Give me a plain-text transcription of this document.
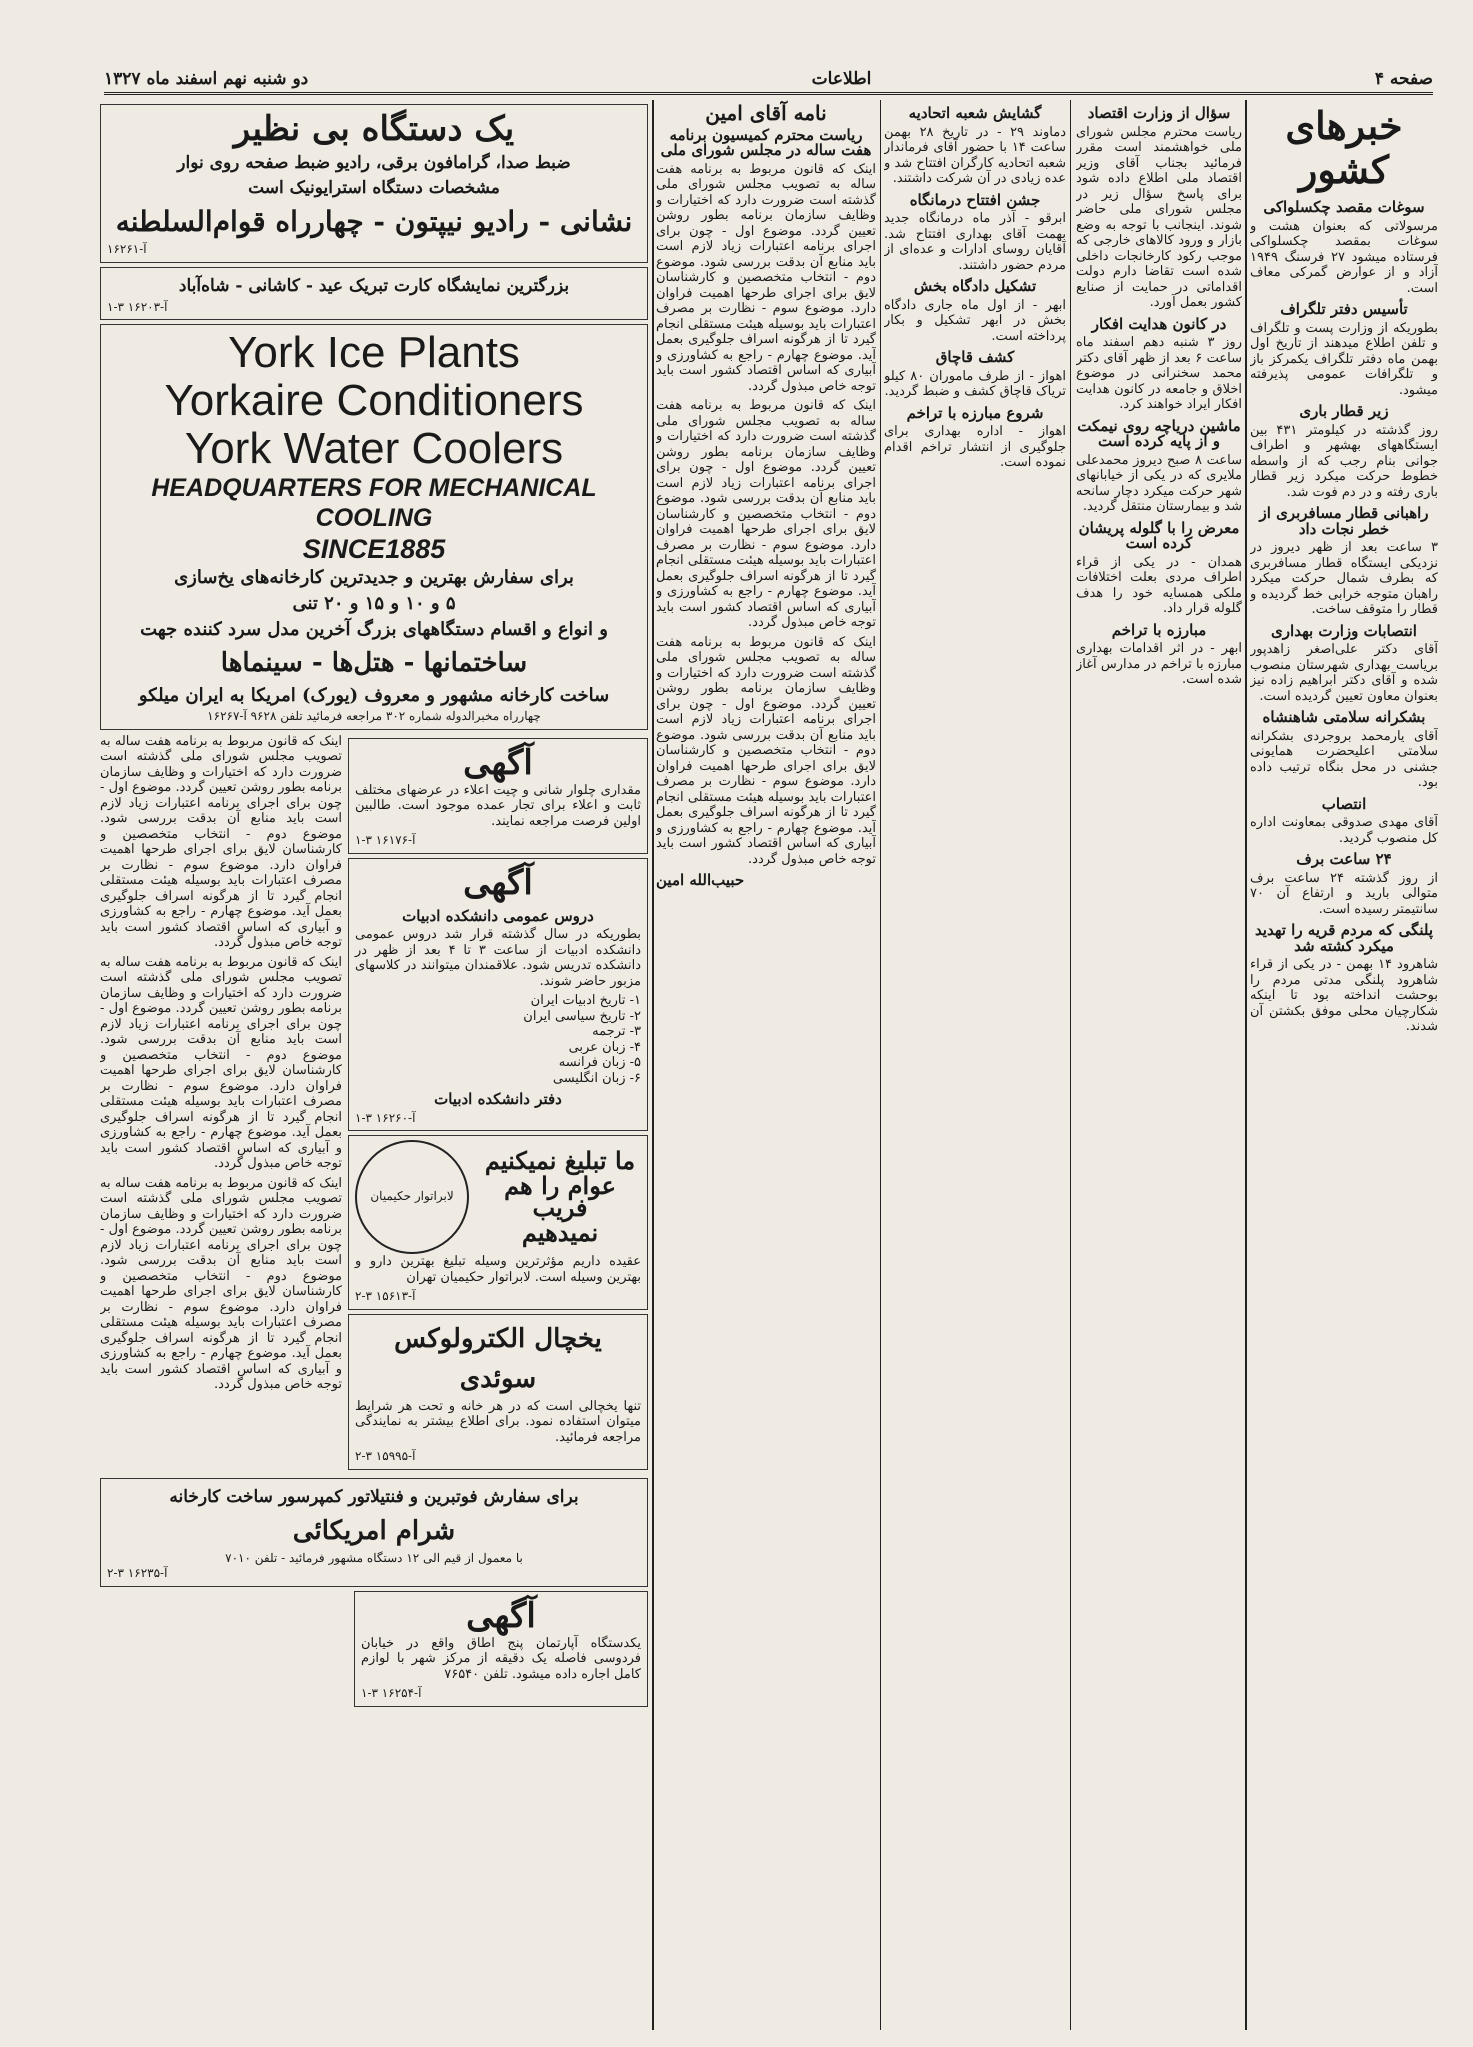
صفحه ۴
اطلاعات
دو شنبه نهم اسفند ماه ۱۳۲۷
خبرهای کشور
سوغات مقصد چکسلواکی

مرسولاتی که بعنوان هشت و سوغات بمقصد چکسلواکی فرستاده میشود ۲۷ فرسنگ ۱۹۴۹ آزاد و از عوارض گمرکی معاف است.

تأسیس دفتر تلگراف

بطوریکه از وزارت پست و تلگراف و تلفن اطلاع میدهند از تاریخ اول بهمن ماه دفتر تلگراف یکمرکز باز و تلگرافات عمومی پذیرفته میشود.

زیر قطار باری

روز گذشته در کیلومتر ۴۳۱ بین ایستگاههای بهشهر و اطراف جوانی بنام رجب که از واسطه خطوط حرکت میکرد زیر قطار باری رفته و در دم فوت شد.

راهبانی قطار مسافربری از خطر نجات داد

۳ ساعت بعد از ظهر دیروز در نزدیکی ایستگاه قطار مسافربری که بطرف شمال حرکت میکرد راهبان متوجه خرابی خط گردیده و قطار را متوقف ساخت.

انتصابات وزارت بهداری

آقای دکتر علی‌اصغر زاهدپور بریاست بهداری شهرستان منصوب شده و آقای دکتر ابراهیم زاده نیز بعنوان معاون تعیین گردیده است.

بشکرانه سلامتی شاهنشاه

آقای یارمحمد بروجردی بشکرانه سلامتی اعلیحضرت همایونی جشنی در محل بنگاه ترتیب داده بود.

انتصاب

آقای مهدی صدوقی بمعاونت اداره کل منصوب گردید.

۲۴ ساعت برف

از روز گذشته ۲۴ ساعت برف متوالی بارید و ارتفاع آن ۷۰ سانتیمتر رسیده است.

پلنگی که مردم قریه را تهدید میکرد کشته شد

شاهرود ۱۴ بهمن - در یکی از قراء شاهرود پلنگی مدتی مردم را بوحشت انداخته بود تا اینکه شکارچیان محلی موفق بکشتن آن شدند.

سؤال از وزارت اقتصاد

ریاست محترم مجلس شورای ملی خواهشمند است مقرر فرمائید بجناب آقای وزیر اقتصاد ملی اطلاع داده شود برای پاسخ سؤال زیر در مجلس شورای ملی حاضر شوند. اینجانب با توجه به وضع بازار و ورود کالاهای خارجی که موجب رکود کارخانجات داخلی شده است تقاضا دارم دولت اقداماتی در حمایت از صنایع کشور بعمل آورد.

در کانون هدایت افکار

روز ۳ شنبه دهم اسفند ماه ساعت ۶ بعد از ظهر آقای دکتر محمد سخنرانی در موضوع اخلاق و جامعه در کانون هدایت افکار ایراد خواهند کرد.

ماشین دریاچه روی نیمکت و از پایه کرده است

ساعت ۸ صبح دیروز محمدعلی ملایری که در یکی از خیابانهای شهر حرکت میکرد دچار سانحه شد و بیمارستان منتقل گردید.

معرض را با گلوله پریشان کرده است

همدان - در یکی از قراء اطراف مردی بعلت اختلافات ملکی همسایه خود را هدف گلوله قرار داد.

مبارزه با تراخم

ابهر - در اثر اقدامات بهداری مبارزه با تراخم در مدارس آغاز شده است.

گشایش شعبه اتحادیه

دماوند ۲۹ - در تاریخ ۲۸ بهمن ساعت ۱۴ با حضور آقای فرماندار شعبه اتحادیه کارگران افتتاح شد و عده زیادی در آن شرکت داشتند.

جشن افتتاح درمانگاه

ابرقو - آذر ماه درمانگاه جدید بهمت آقای بهداری افتتاح شد. آقایان روسای ادارات و عده‌ای از مردم حضور داشتند.

تشکیل دادگاه بخش

ابهر - از اول ماه جاری دادگاه بخش در ابهر تشکیل و بکار پرداخته است.

کشف قاچاق

اهواز - از طرف ماموران ۸۰ کیلو تریاک قاچاق کشف و ضبط گردید.

شروع مبارزه با تراخم

اهواز - اداره بهداری برای جلوگیری از انتشار تراخم اقدام نموده است.

نامه آقای امین
ریاست محترم کمیسیون برنامه هفت ساله در مجلس شورای ملی

اینک که قانون مربوط به برنامه هفت ساله به تصویب مجلس شورای ملی گذشته است ضرورت دارد که اختیارات و وظایف سازمان برنامه بطور روشن تعیین گردد. موضوع اول - چون برای اجرای برنامه اعتبارات زیاد لازم است باید منابع آن بدقت بررسی شود. موضوع دوم - انتخاب متخصصین و کارشناسان لایق برای اجرای طرحها اهمیت فراوان دارد. موضوع سوم - نظارت بر مصرف اعتبارات باید بوسیله هیئت مستقلی انجام گیرد تا از هرگونه اسراف جلوگیری بعمل آید. موضوع چهارم - راجع به کشاورزی و آبیاری که اساس اقتصاد کشور است باید توجه خاص مبذول گردد.

اینک که قانون مربوط به برنامه هفت ساله به تصویب مجلس شورای ملی گذشته است ضرورت دارد که اختیارات و وظایف سازمان برنامه بطور روشن تعیین گردد. موضوع اول - چون برای اجرای برنامه اعتبارات زیاد لازم است باید منابع آن بدقت بررسی شود. موضوع دوم - انتخاب متخصصین و کارشناسان لایق برای اجرای طرحها اهمیت فراوان دارد. موضوع سوم - نظارت بر مصرف اعتبارات باید بوسیله هیئت مستقلی انجام گیرد تا از هرگونه اسراف جلوگیری بعمل آید. موضوع چهارم - راجع به کشاورزی و آبیاری که اساس اقتصاد کشور است باید توجه خاص مبذول گردد.

اینک که قانون مربوط به برنامه هفت ساله به تصویب مجلس شورای ملی گذشته است ضرورت دارد که اختیارات و وظایف سازمان برنامه بطور روشن تعیین گردد. موضوع اول - چون برای اجرای برنامه اعتبارات زیاد لازم است باید منابع آن بدقت بررسی شود. موضوع دوم - انتخاب متخصصین و کارشناسان لایق برای اجرای طرحها اهمیت فراوان دارد. موضوع سوم - نظارت بر مصرف اعتبارات باید بوسیله هیئت مستقلی انجام گیرد تا از هرگونه اسراف جلوگیری بعمل آید. موضوع چهارم - راجع به کشاورزی و آبیاری که اساس اقتصاد کشور است باید توجه خاص مبذول گردد.

حبیب‌الله امین
یک دستگاه بی نظیر
ضبط صدا، گرامافون برقی، رادیو ضبط صفحه روی نوار
مشخصات دستگاه استرایونیک است
نشانی - رادیو نیپتون - چهارراه قوام‌السلطنه
آ-۱۶۲۶۱
بزرگترین نمایشگاه کارت تبریک عید - کاشانی - شاه‌آباد
آ-۱۶۲۰۳ ۳-۱
York Ice Plants
Yorkaire Conditioners
York Water Coolers
HEADQUARTERS FOR MECHANICAL COOLING
SINCE1885
برای سفارش بهترین و جدیدترین کارخانه‌های یخ‌سازی
۵ و ۱۰ و ۱۵ و ۲۰ تنی
و انواع و اقسام دستگاههای بزرگ آخرین مدل سرد کننده جهت
ساختمانها - هتل‌ها - سینماها
ساخت کارخانه مشهور و معروف (یورک) امریکا به ایران میلکو
چهارراه مخبرالدوله شماره ۳۰۲ مراجعه فرمائید تلفن ۹۶۲۸ آ-۱۶۲۶۷
آگهی

مقداری چلوار شانی و چیت اعلاء در عرضهای مختلف ثابت و اعلاء برای تجار عمده موجود است. طالبین اولین فرصت مراجعه نمایند.

آ-۱۶۱۷۶ ۳-۱
آگهی
دروس عمومی دانشکده ادبیات

بطوریکه در سال گذشته قرار شد دروس عمومی دانشکده ادبیات از ساعت ۳ تا ۴ بعد از ظهر در دانشکده تدریس شود. علاقمندان میتوانند در کلاسهای مزبور حاضر شوند.

۱- تاریخ ادبیات ایران
۲- تاریخ سیاسی ایران
۳- ترجمه
۴- زبان عربی
۵- زبان فرانسه
۶- زبان انگلیسی
دفتر دانشکده ادبیات
آ-۱۶۲۶۰ ۳-۱
ما تبلیغ نمیکنیم
عوام را هم فریب
نمیدهیم
لابراتوار حکیمیان

عقیده داریم مؤثرترین وسیله تبلیغ بهترین دارو و بهترین وسیله است. لابراتوار حکیمیان تهران

آ-۱۵۶۱۳ ۳-۲
یخچال الکترولوکس سوئدی

تنها یخچالی است که در هر خانه و تحت هر شرایط میتوان استفاده نمود. برای اطلاع بیشتر به نمایندگی مراجعه فرمائید.

آ-۱۵۹۹۵ ۳-۲

اینک که قانون مربوط به برنامه هفت ساله به تصویب مجلس شورای ملی گذشته است ضرورت دارد که اختیارات و وظایف سازمان برنامه بطور روشن تعیین گردد. موضوع اول - چون برای اجرای برنامه اعتبارات زیاد لازم است باید منابع آن بدقت بررسی شود. موضوع دوم - انتخاب متخصصین و کارشناسان لایق برای اجرای طرحها اهمیت فراوان دارد. موضوع سوم - نظارت بر مصرف اعتبارات باید بوسیله هیئت مستقلی انجام گیرد تا از هرگونه اسراف جلوگیری بعمل آید. موضوع چهارم - راجع به کشاورزی و آبیاری که اساس اقتصاد کشور است باید توجه خاص مبذول گردد.

اینک که قانون مربوط به برنامه هفت ساله به تصویب مجلس شورای ملی گذشته است ضرورت دارد که اختیارات و وظایف سازمان برنامه بطور روشن تعیین گردد. موضوع اول - چون برای اجرای برنامه اعتبارات زیاد لازم است باید منابع آن بدقت بررسی شود. موضوع دوم - انتخاب متخصصین و کارشناسان لایق برای اجرای طرحها اهمیت فراوان دارد. موضوع سوم - نظارت بر مصرف اعتبارات باید بوسیله هیئت مستقلی انجام گیرد تا از هرگونه اسراف جلوگیری بعمل آید. موضوع چهارم - راجع به کشاورزی و آبیاری که اساس اقتصاد کشور است باید توجه خاص مبذول گردد.

اینک که قانون مربوط به برنامه هفت ساله به تصویب مجلس شورای ملی گذشته است ضرورت دارد که اختیارات و وظایف سازمان برنامه بطور روشن تعیین گردد. موضوع اول - چون برای اجرای برنامه اعتبارات زیاد لازم است باید منابع آن بدقت بررسی شود. موضوع دوم - انتخاب متخصصین و کارشناسان لایق برای اجرای طرحها اهمیت فراوان دارد. موضوع سوم - نظارت بر مصرف اعتبارات باید بوسیله هیئت مستقلی انجام گیرد تا از هرگونه اسراف جلوگیری بعمل آید. موضوع چهارم - راجع به کشاورزی و آبیاری که اساس اقتصاد کشور است باید توجه خاص مبذول گردد.

برای سفارش فوتبرین و فنتیلاتور کمپرسور ساخت کارخانه
شرام امریکائی
با معمول از قیم الی ۱۲ دستگاه مشهور فرمائید - تلفن ۷۰۱۰
آ-۱۶۲۳۵ ۳-۲
آگهی

یکدستگاه آپارتمان پنج اطاق واقع در خیابان فردوسی فاصله یک دقیقه از مرکز شهر با لوازم کامل اجاره داده میشود. تلفن ۷۶۵۴۰

آ-۱۶۲۵۴ ۳-۱
